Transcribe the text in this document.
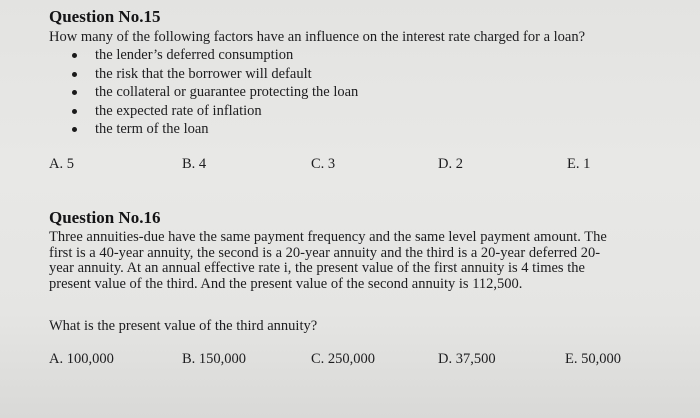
Question No.15
How many of the following factors have an influence on the interest rate charged for a loan?
the lender’s deferred consumption
the risk that the borrower will default
the collateral or guarantee protecting the loan
the expected rate of inflation
the term of the loan
A. 5	B. 4	C. 3	D. 2	E. 1
Question No.16
Three annuities-due have the same payment frequency and the same level payment amount. The
first is a 40-year annuity, the second is a 20-year annuity and the third is a 20-year deferred 20-
year annuity. At an annual effective rate i, the present value of the first annuity is 4 times the
present value of the third. And the present value of the second annuity is 112,500.
What is the present value of the third annuity?
A. 100,000	B. 150,000	C. 250,000	D. 37,500	E. 50,000
